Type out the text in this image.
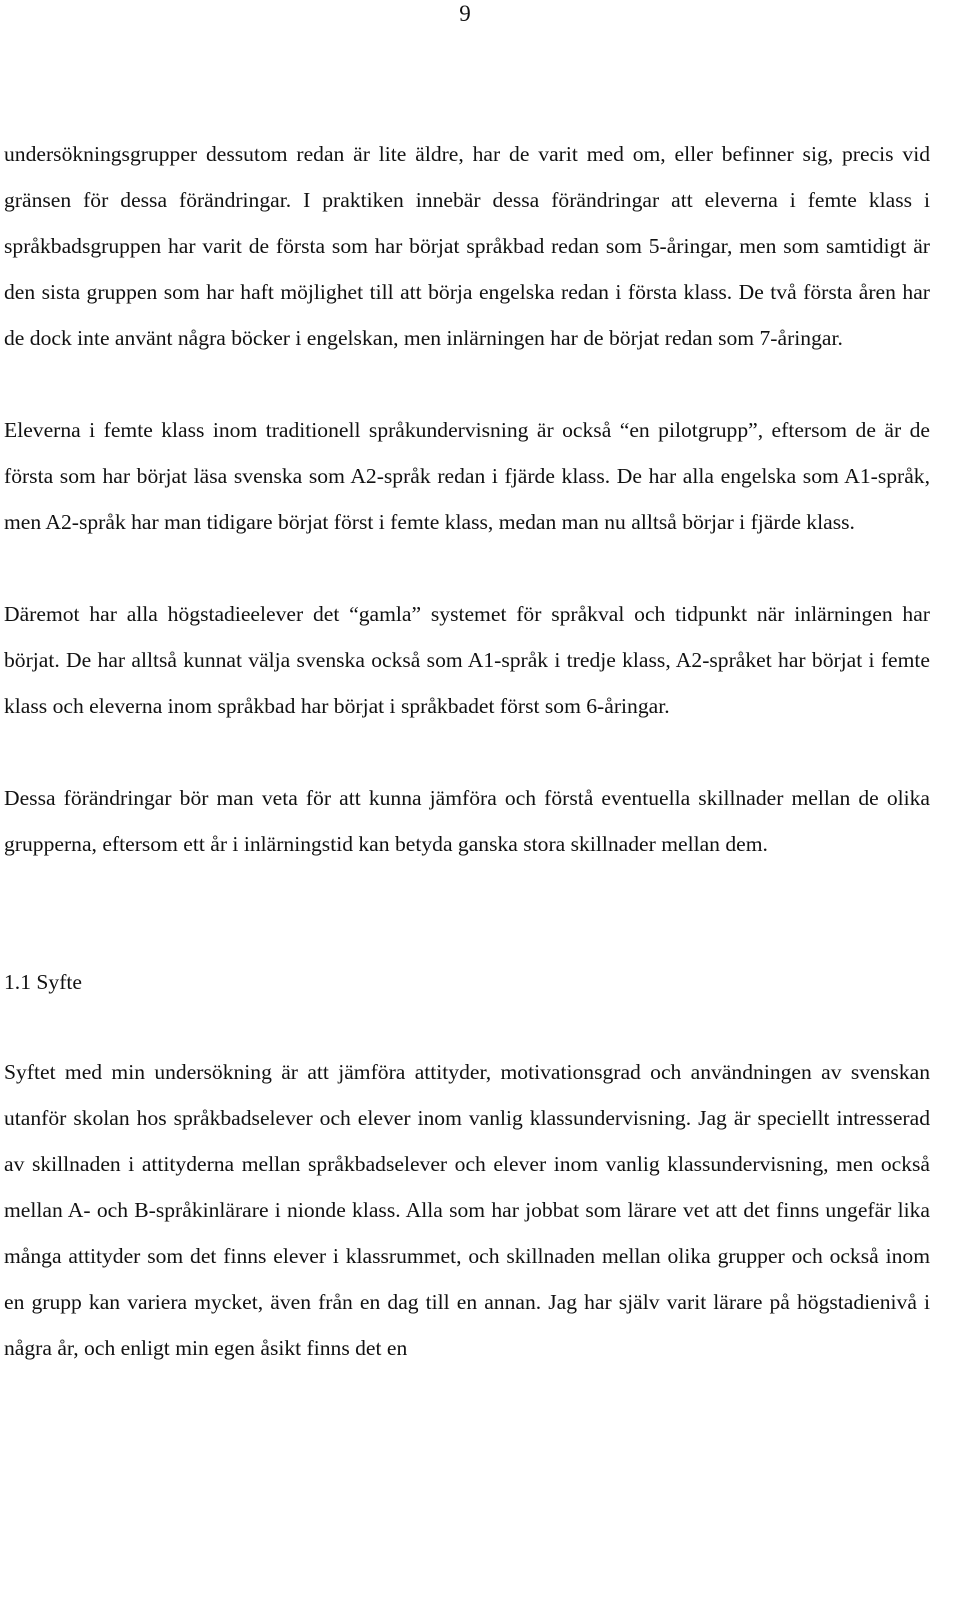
9

undersökningsgrupper dessutom redan är lite äldre, har de varit med om, eller befinner sig, precis vid gränsen för dessa förändringar. I praktiken innebär dessa förändringar att eleverna i femte klass i språkbadsgruppen har varit de första som har börjat språkbad redan som 5-åringar, men som samtidigt är den sista gruppen som har haft möjlighet till att börja engelska redan i första klass. De två första åren har de dock inte använt några böcker i engelskan, men inlärningen har de börjat redan som 7-åringar.

Eleverna i femte klass inom traditionell språkundervisning är också “en pilotgrupp”, eftersom de är de första som har börjat läsa svenska som A2-språk redan i fjärde klass. De har alla engelska som A1-språk, men A2-språk har man tidigare börjat först i femte klass, medan man nu alltså börjar i fjärde klass.

Däremot har alla högstadieelever det “gamla” systemet för språkval och tidpunkt när inlärningen har börjat. De har alltså kunnat välja svenska också som A1-språk i tredje klass, A2-språket har börjat i femte klass och eleverna inom språkbad har börjat i språkbadet först som 6-åringar.

Dessa förändringar bör man veta för att kunna jämföra och förstå eventuella skillnader mellan de olika grupperna, eftersom ett år i inlärningstid kan betyda ganska stora skillnader mellan dem.

1.1 Syfte

Syftet med min undersökning är att jämföra attityder, motivationsgrad och användningen av svenskan utanför skolan hos språkbadselever och elever inom vanlig klassundervisning. Jag är speciellt intresserad av skillnaden i attityderna mellan språkbadselever och elever inom vanlig klassundervisning, men också mellan A- och B-språkinlärare i nionde klass. Alla som har jobbat som lärare vet att det finns ungefär lika många attityder som det finns elever i klassrummet, och skillnaden mellan olika grupper och också inom en grupp kan variera mycket, även från en dag till en annan. Jag har själv varit lärare på högstadienivå i några år, och enligt min egen åsikt finns det en
